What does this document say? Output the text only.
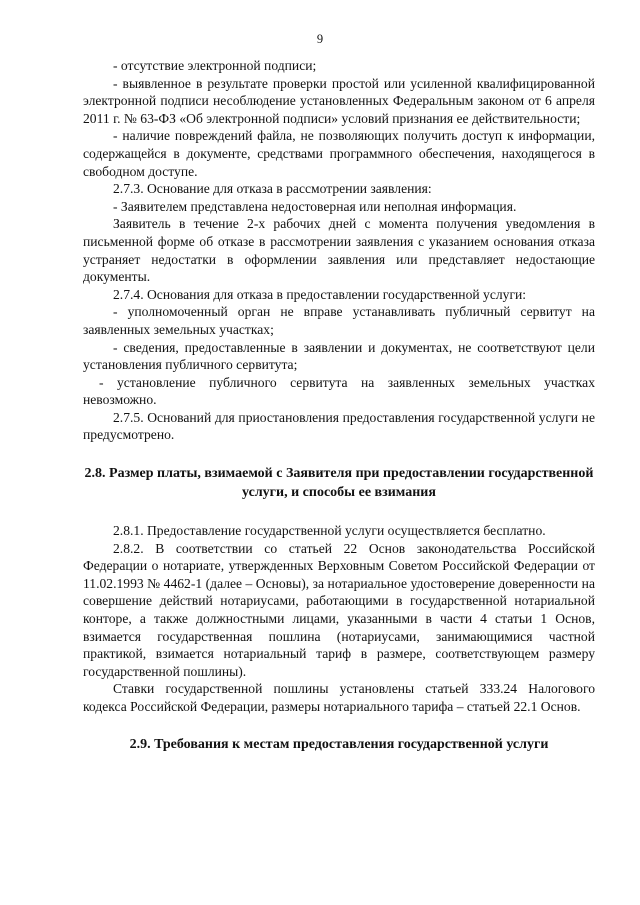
9

- отсутствие электронной подписи;

- выявленное в результате проверки простой или усиленной квалифицированной электронной подписи несоблюдение установленных Федеральным законом от 6 апреля 2011 г. № 63-ФЗ «Об электронной подписи» условий признания ее действительности;

- наличие повреждений файла, не позволяющих получить доступ к информации, содержащейся в документе, средствами программного обеспечения, находящегося в свободном доступе.

2.7.3. Основание для отказа в рассмотрении заявления:

- Заявителем представлена недостоверная или неполная информация.

Заявитель в течение 2-х рабочих дней с момента получения уведомления в письменной форме об отказе в рассмотрении заявления с указанием основания отказа устраняет недостатки в оформлении заявления или представляет недостающие документы.

2.7.4. Основания для отказа в предоставлении государственной услуги:

- уполномоченный орган не вправе устанавливать публичный сервитут на заявленных земельных участках;

- сведения, предоставленные в заявлении и документах, не соответствуют цели установления публичного сервитута;

- установление публичного сервитута на заявленных земельных участках невозможно.

2.7.5. Оснований для приостановления предоставления государственной услуги не предусмотрено.

2.8. Размер платы, взимаемой с Заявителя при предоставлении государственной услуги, и способы ее взимания

2.8.1. Предоставление государственной услуги осуществляется бесплатно.

2.8.2. В соответствии со статьей 22 Основ законодательства Российской Федерации о нотариате, утвержденных Верховным Советом Российской Федерации от 11.02.1993 № 4462-1 (далее – Основы), за нотариальное удостоверение доверенности на совершение действий нотариусами, работающими в государственной нотариальной конторе, а также должностными лицами, указанными в части 4 статьи 1 Основ, взимается государственная пошлина (нотариусами, занимающимися частной практикой, взимается нотариальный тариф в размере, соответствующем размеру государственной пошлины).

Ставки государственной пошлины установлены статьей 333.24 Налогового кодекса Российской Федерации, размеры нотариального тарифа – статьей 22.1 Основ.

2.9. Требования к местам предоставления государственной услуги
